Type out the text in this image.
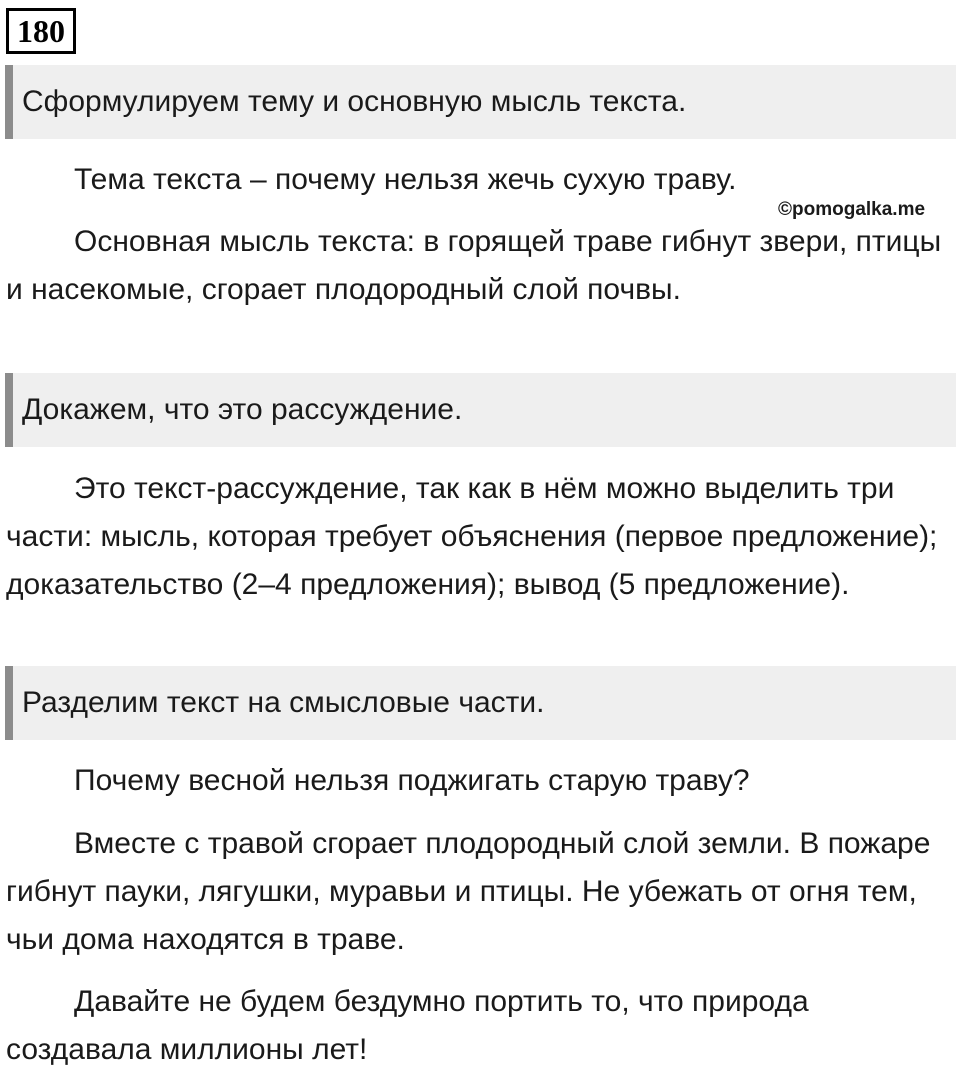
180
Сформулируем тему и основную мысль текста.

Тема текста – почему нельзя жечь сухую траву.

©pomogalka.me

Основная мысль текста: в горящей траве гибнут звери, птицы и насекомые, сгорает плодородный слой почвы.

Докажем, что это рассуждение.

Это текст-рассуждение, так как в нём можно выделить три части: мысль, которая требует объяснения (первое предложение); доказательство (2–4 предложения); вывод (5 предложение).

Разделим текст на смысловые части.

Почему весной нельзя поджигать старую траву?

Вместе с травой сгорает плодородный слой земли. В пожаре гибнут пауки, лягушки, муравьи и птицы. Не убежать от огня тем, чьи дома находятся в траве.

Давайте не будем бездумно портить то, что природа создавала миллионы лет!
